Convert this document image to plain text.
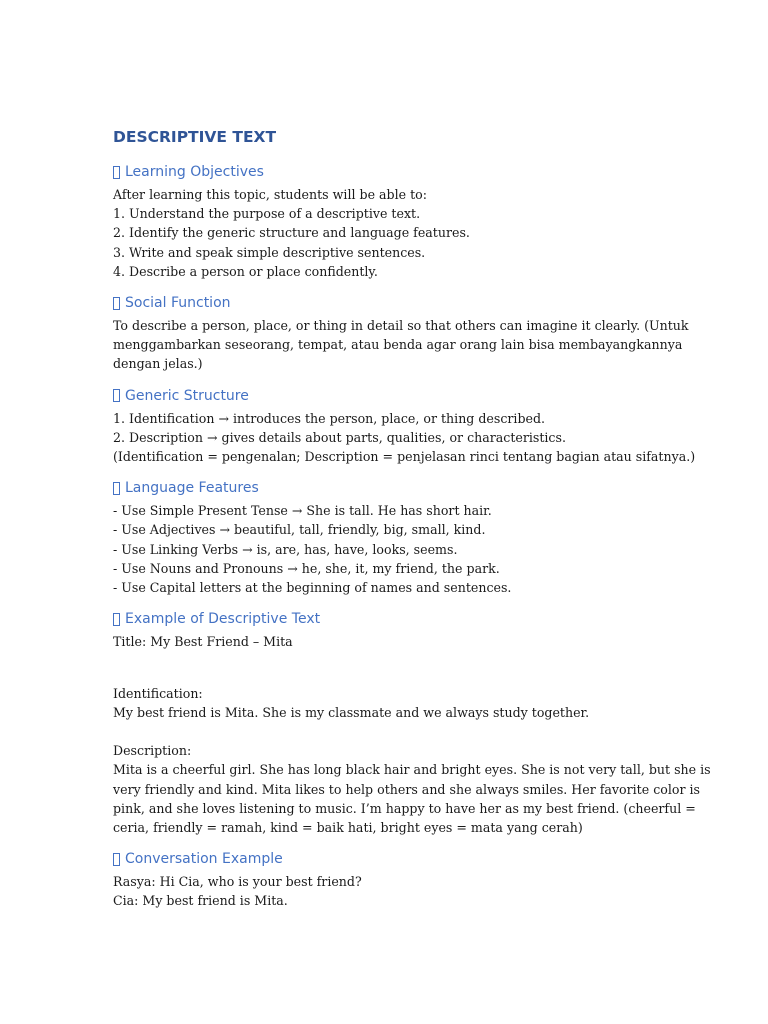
DESCRIPTIVE TEXT
Learning Objectives
After learning this topic, students will be able to:
1. Understand the purpose of a descriptive text.
2. Identify the generic structure and language features.
3. Write and speak simple descriptive sentences.
4. Describe a person or place confidently.
Social Function
To describe a person, place, or thing in detail so that others can imagine it clearly. (Untuk
menggambarkan seseorang, tempat, atau benda agar orang lain bisa membayangkannya
dengan jelas.)
Generic Structure
1. Identification → introduces the person, place, or thing described.
2. Description → gives details about parts, qualities, or characteristics.
(Identification = pengenalan; Description = penjelasan rinci tentang bagian atau sifatnya.)
Language Features
- Use Simple Present Tense → She is tall. He has short hair.
- Use Adjectives → beautiful, tall, friendly, big, small, kind.
- Use Linking Verbs → is, are, has, have, looks, seems.
- Use Nouns and Pronouns → he, she, it, my friend, the park.
- Use Capital letters at the beginning of names and sentences.
Example of Descriptive Text
Title: My Best Friend – Mita
Identification:
My best friend is Mita. She is my classmate and we always study together.
Description:
Mita is a cheerful girl. She has long black hair and bright eyes. She is not very tall, but she is
very friendly and kind. Mita likes to help others and she always smiles. Her favorite color is
pink, and she loves listening to music. I’m happy to have her as my best friend. (cheerful =
ceria, friendly = ramah, kind = baik hati, bright eyes = mata yang cerah)
Conversation Example
Rasya: Hi Cia, who is your best friend?
Cia: My best friend is Mita.
